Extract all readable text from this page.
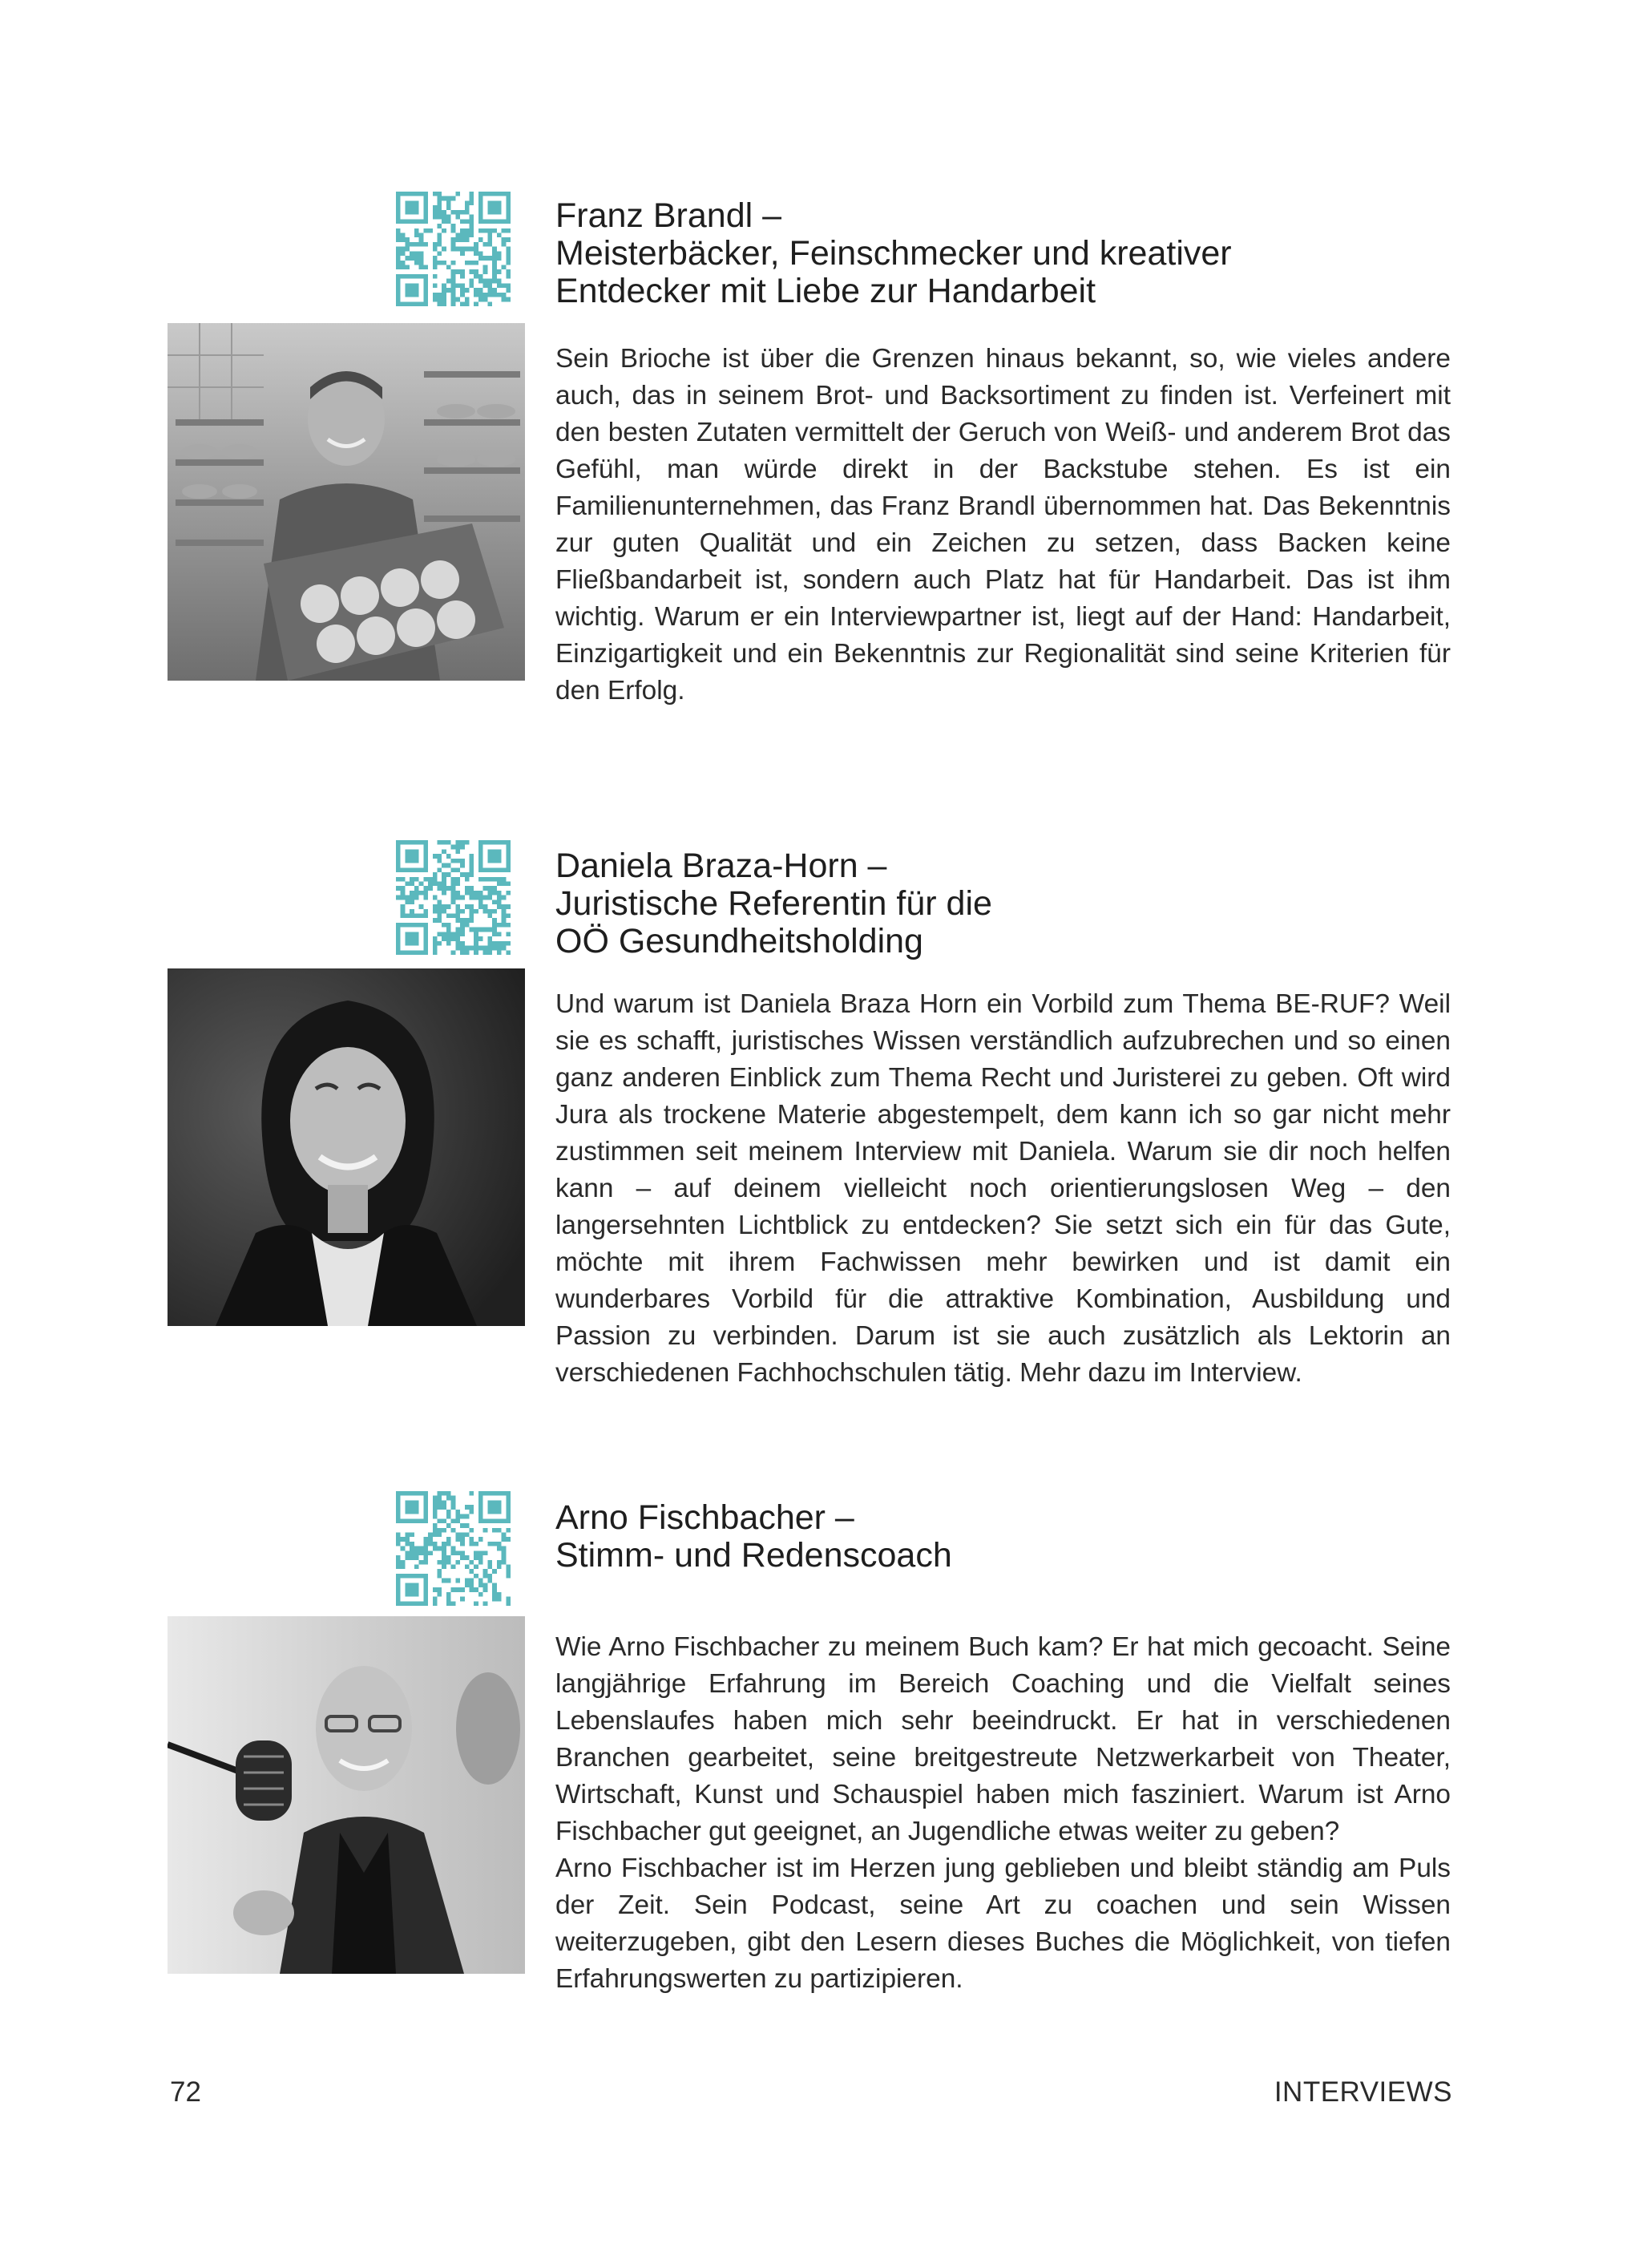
Franz Brandl –
Meisterbäcker, Feinschmecker und kreativer
Entdecker mit Liebe zur Handarbeit

Sein Brioche ist über die Grenzen hinaus bekannt, so, wie vieles andere auch, das in seinem Brot- und Backsortiment zu finden ist. Verfeinert mit den besten Zutaten vermittelt der Geruch von Weiß- und anderem Brot das Gefühl, man würde direkt in der Backstube stehen. Es ist ein Familienunternehmen, das Franz Brandl übernommen hat. Das Bekenntnis zur guten Qualität und ein Zeichen zu setzen, dass Backen keine Fließbandarbeit ist, sondern auch Platz hat für Handarbeit. Das ist ihm wichtig. Warum er ein Interviewpartner ist, liegt auf der Hand: Handarbeit, Einzigartigkeit und ein Bekenntnis zur Regionalität sind seine Kriterien für den Erfolg.

Daniela Braza-Horn –
Juristische Referentin für die
OÖ Gesundheitsholding

Und warum ist Daniela Braza Horn ein Vorbild zum Thema BE-RUF? Weil sie es schafft, juristisches Wissen verständlich aufzubrechen und so einen ganz anderen Einblick zum Thema Recht und Juristerei zu geben. Oft wird Jura als trockene Materie abgestempelt, dem kann ich so gar nicht mehr zustimmen seit meinem Interview mit Daniela. Warum sie dir noch helfen kann – auf deinem vielleicht noch orientierungslosen Weg – den langersehnten Lichtblick zu entdecken? Sie setzt sich ein für das Gute, möchte mit ihrem Fachwissen mehr bewirken und ist damit ein wunderbares Vorbild für die attraktive Kombination, Ausbildung und Passion zu verbinden. Darum ist sie auch zusätzlich als Lektorin an verschiedenen Fachhochschulen tätig. Mehr dazu im Interview.

Arno Fischbacher –
Stimm- und Redenscoach

Wie Arno Fischbacher zu meinem Buch kam? Er hat mich gecoacht. Seine langjährige Erfahrung im Bereich Coaching und die Vielfalt seines Lebenslaufes haben mich sehr beeindruckt. Er hat in verschiedenen Branchen gearbeitet, seine breitgestreute Netzwerkarbeit von Theater, Wirtschaft, Kunst und Schauspiel haben mich fasziniert. Warum ist Arno Fischbacher gut geeignet, an Jugendliche etwas weiter zu geben?

Arno Fischbacher ist im Herzen jung geblieben und bleibt ständig am Puls der Zeit. Sein Podcast, seine Art zu coachen und sein Wissen weiterzugeben, gibt den Lesern dieses Buches die Möglichkeit, von tiefen Erfahrungswerten zu partizipieren.

72	INTERVIEWS
